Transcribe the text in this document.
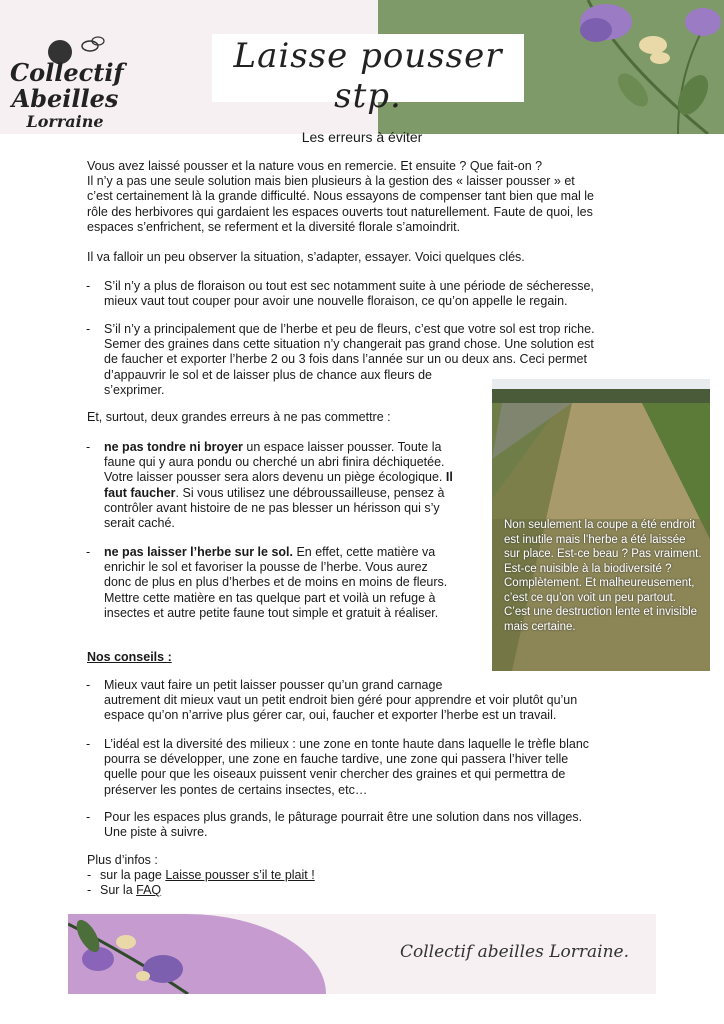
Collectif
Abeilles
Lorraine
Laisse pousser stp.
Les erreurs à éviter
Vous avez laissé pousser et la nature vous en remercie. Et ensuite ? Que fait-on ?
Il n’y a pas une seule solution mais bien plusieurs à la gestion des « laisser pousser » et
c’est certainement là la grande difficulté. Nous essayons de compenser tant bien que mal le
rôle des herbivores qui gardaient les espaces ouverts tout naturellement. Faute de quoi, les
espaces s’enfrichent, se referment et la diversité florale s’amoindrit.
Il va falloir un peu observer la situation, s’adapter, essayer. Voici quelques clés.
- S’il n’y a plus de floraison ou tout est sec notamment suite à une période de sécheresse,
mieux vaut tout couper pour avoir une nouvelle floraison, ce qu’on appelle le regain.
- S’il n’y a principalement que de l’herbe et peu de fleurs, c’est que votre sol est trop riche.
Semer des graines dans cette situation n’y changerait pas grand chose. Une solution est
de faucher et exporter l’herbe 2 ou 3 fois dans l’année sur un ou deux ans. Ceci permet
d’appauvrir le sol et de laisser plus de chance aux fleurs de
s’exprimer.
Et, surtout, deux grandes erreurs à ne pas commettre :
- ne pas tondre ni broyer un espace laisser pousser. Toute la
faune qui y aura pondu ou cherché un abri finira déchiquetée.
Votre laisser pousser sera alors devenu un piège écologique. Il
faut faucher. Si vous utilisez une débroussailleuse, pensez à
contrôler avant histoire de ne pas blesser un hérisson qui s’y
serait caché.
- ne pas laisser l’herbe sur le sol. En effet, cette matière va
enrichir le sol et favoriser la pousse de l’herbe. Vous aurez
donc de plus en plus d’herbes et de moins en moins de fleurs.
Mettre cette matière en tas quelque part et voilà un refuge à
insectes et autre petite faune tout simple et gratuit à réaliser.
Non seulement la coupe a été endroit est inutile mais l’herbe a été laissée sur place. Est-ce beau ? Pas vraiment. Est-ce nuisible à la biodiversité ? Complètement. Et malheureusement, c’est ce qu’on voit un peu partout. C’est une destruction lente et invisible mais certaine.
Nos conseils :
- Mieux vaut faire un petit laisser pousser qu’un grand carnage
autrement dit mieux vaut un petit endroit bien géré pour apprendre et voir plutôt qu’un
espace qu’on n’arrive plus gérer car, oui, faucher et exporter l’herbe est un travail.
- L’idéal est la diversité des milieux : une zone en tonte haute dans laquelle le trèfle blanc
pourra se développer, une zone en fauche tardive, une zone qui passera l’hiver telle
quelle pour que les oiseaux puissent venir chercher des graines et qui permettra de
préserver les pontes de certains insectes, etc…
- Pour les espaces plus grands, le pâturage pourrait être une solution dans nos villages.
Une piste à suivre.
Plus d’infos :
- sur la page Laisse pousser s’il te plait !
- Sur la FAQ
Collectif abeilles Lorraine.
